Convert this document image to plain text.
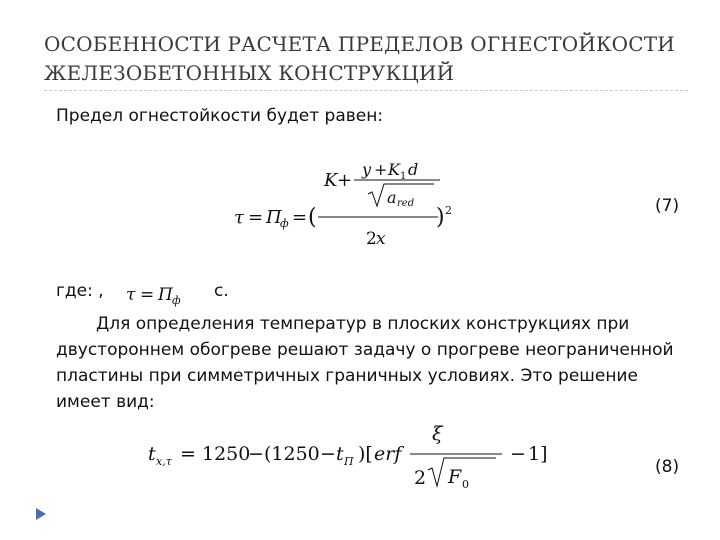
ОСОБЕННОСТИ РАСЧЕТА ПРЕДЕЛОВ ОГНЕСТОЙКОСТИ
ЖЕЛЕЗОБЕТОННЫХ КОНСТРУКЦИЙ
Предел огнестойкости будет равен:
K +
y + K 1 d
a red
τ = П
ф = (	) 2
2 x
(7)
где: , τ = П ф с.
Для определения температур в плоских конструкциях при двустороннем обогреве решают задачу о прогреве неограниченной пластины при симметричных граничных условиях. Это решение имеет вид:
t x,τ = 1250
− (1250 − t П )[ erf
ξ
2 F 0
− 1]
(8)
